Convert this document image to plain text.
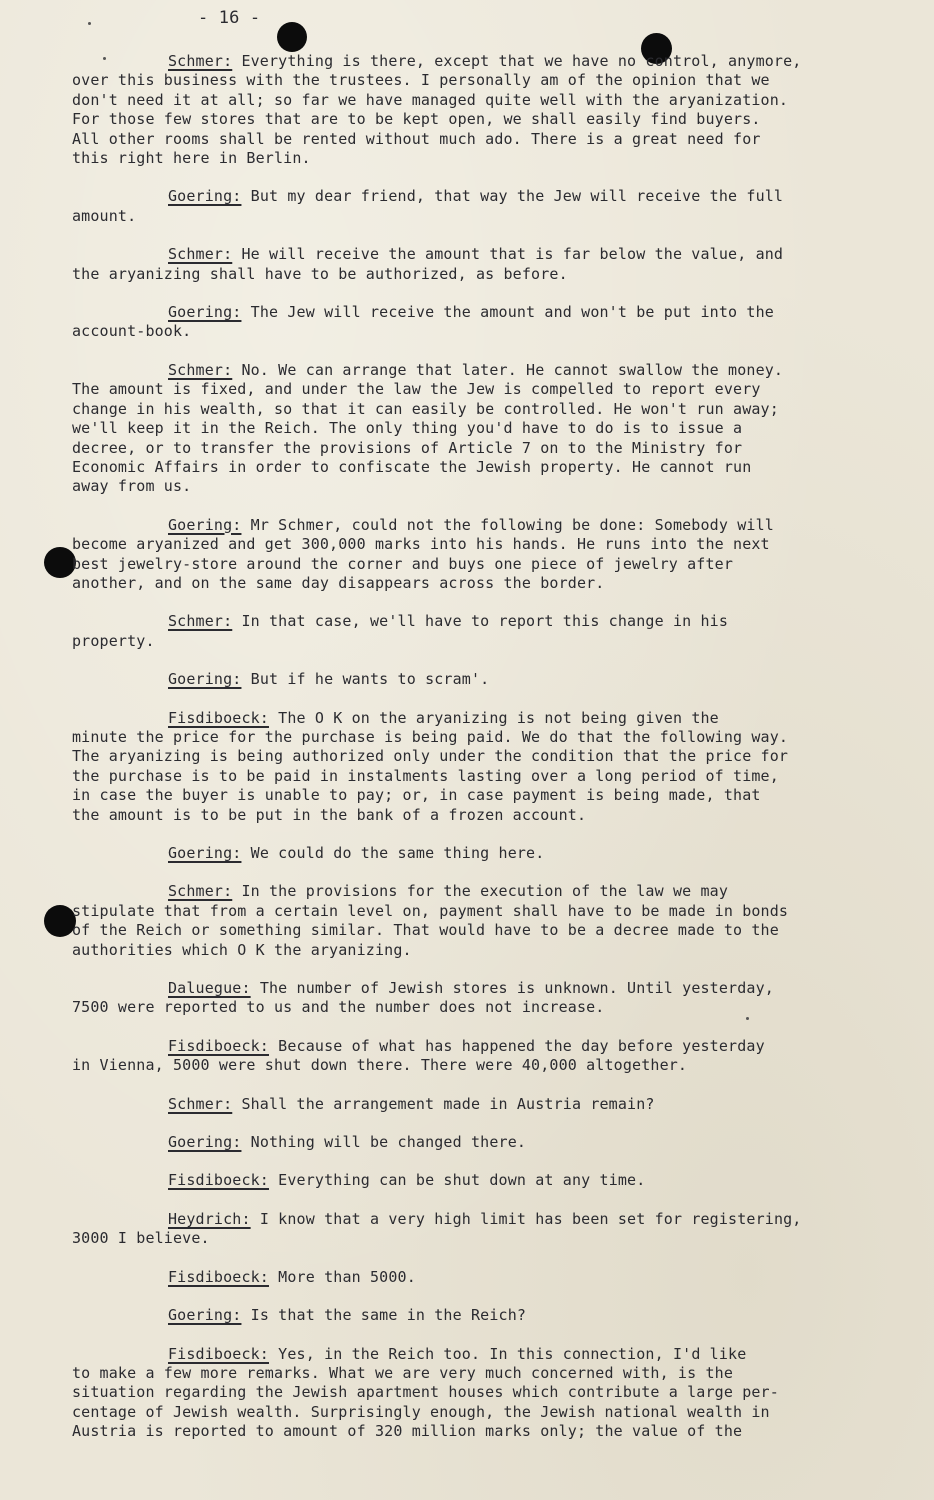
- 16 -

Schmer: Everything is there, except that we have no control, anymore,
over this business with the trustees. I personally am of the opinion that we
don't need it at all; so far we have managed quite well with the aryanization.
For those few stores that are to be kept open, we shall easily find buyers.
All other rooms shall be rented without much ado. There is a great need for
this right here in Berlin.

Goering: But my dear friend, that way the Jew will receive the full
amount.

Schmer: He will receive the amount that is far below the value, and
the aryanizing shall have to be authorized, as before.

Goering: The Jew will receive the amount and won't be put into the
account-book.

Schmer: No. We can arrange that later. He cannot swallow the money.
The amount is fixed, and under the law the Jew is compelled to report every
change in his wealth, so that it can easily be controlled. He won't run away;
we'll keep it in the Reich. The only thing you'd have to do is to issue a
decree, or to transfer the provisions of Article 7 on to the Ministry for
Economic Affairs in order to confiscate the Jewish property. He cannot run
away from us.

Goering: Mr Schmer, could not the following be done: Somebody will
become aryanized and get 300,000 marks into his hands. He runs into the next
best jewelry-store around the corner and buys one piece of jewelry after
another, and on the same day disappears across the border.

Schmer: In that case, we'll have to report this change in his
property.

Goering: But if he wants to scram'.

Fisdiboeck: The O K on the aryanizing is not being given the
minute the price for the purchase is being paid. We do that the following way.
The aryanizing is being authorized only under the condition that the price for
the purchase is to be paid in instalments lasting over a long period of time,
in case the buyer is unable to pay; or, in case payment is being made, that
the amount is to be put in the bank of a frozen account.

Goering: We could do the same thing here.

Schmer: In the provisions for the execution of the law we may
stipulate that from a certain level on, payment shall have to be made in bonds
of the Reich or something similar. That would have to be a decree made to the
authorities which O K the aryanizing.

Daluegue: The number of Jewish stores is unknown. Until yesterday,
7500 were reported to us and the number does not increase.

Fisdiboeck: Because of what has happened the day before yesterday
in Vienna, 5000 were shut down there. There were 40,000 altogether.

Schmer: Shall the arrangement made in Austria remain?

Goering: Nothing will be changed there.

Fisdiboeck: Everything can be shut down at any time.

Heydrich: I know that a very high limit has been set for registering,
3000 I believe.

Fisdiboeck: More than 5000.

Goering: Is that the same in the Reich?

Fisdiboeck: Yes, in the Reich too. In this connection, I'd like
to make a few more remarks. What we are very much concerned with, is the
situation regarding the Jewish apartment houses which contribute a large per-
centage of Jewish wealth. Surprisingly enough, the Jewish national wealth in
Austria is reported to amount of 320 million marks only; the value of the
